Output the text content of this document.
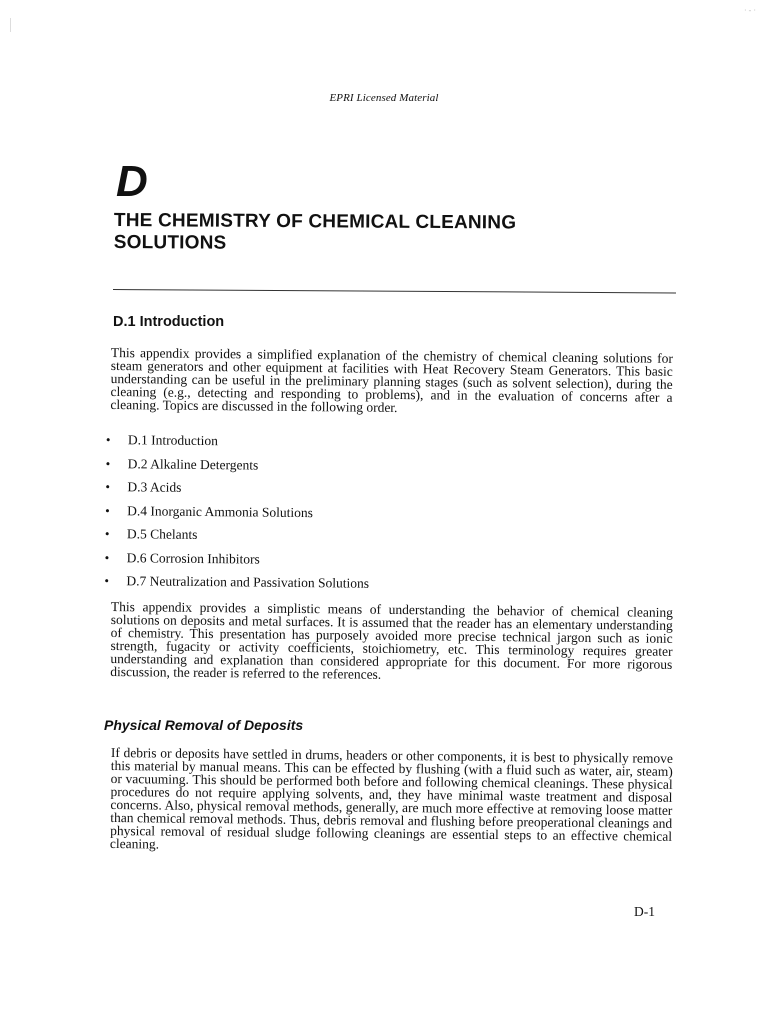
· - ·
EPRI Licensed Material
D
THE CHEMISTRY OF CHEMICAL CLEANING SOLUTIONS
D.1 Introduction
This appendix provides a simplified explanation of the chemistry of chemical cleaning solutions for steam generators and other equipment at facilities with Heat Recovery Steam Generators. This basic understanding can be useful in the preliminary planning stages (such as solvent selection), during the cleaning (e.g., detecting and responding to problems), and in the evaluation of concerns after a cleaning. Topics are discussed in the following order.
•	D.1 Introduction
•	D.2 Alkaline Detergents
•	D.3 Acids
•	D.4 Inorganic Ammonia Solutions
•	D.5 Chelants
•	D.6 Corrosion Inhibitors
•	D.7 Neutralization and Passivation Solutions
This appendix provides a simplistic means of understanding the behavior of chemical cleaning solutions on deposits and metal surfaces. It is assumed that the reader has an elementary understanding of chemistry. This presentation has purposely avoided more precise technical jargon such as ionic strength, fugacity or activity coefficients, stoichiometry, etc. This terminology requires greater understanding and explanation than considered appropriate for this document. For more rigorous discussion, the reader is referred to the references.
Physical Removal of Deposits
If debris or deposits have settled in drums, headers or other components, it is best to physically remove this material by manual means. This can be effected by flushing (with a fluid such as water, air, steam) or vacuuming. This should be performed both before and following chemical cleanings. These physical procedures do not require applying solvents, and, they have minimal waste treatment and disposal concerns. Also, physical removal methods, generally, are much more effective at removing loose matter than chemical removal methods. Thus, debris removal and flushing before preoperational cleanings and physical removal of residual sludge following cleanings are essential steps to an effective chemical cleaning.
D-1
